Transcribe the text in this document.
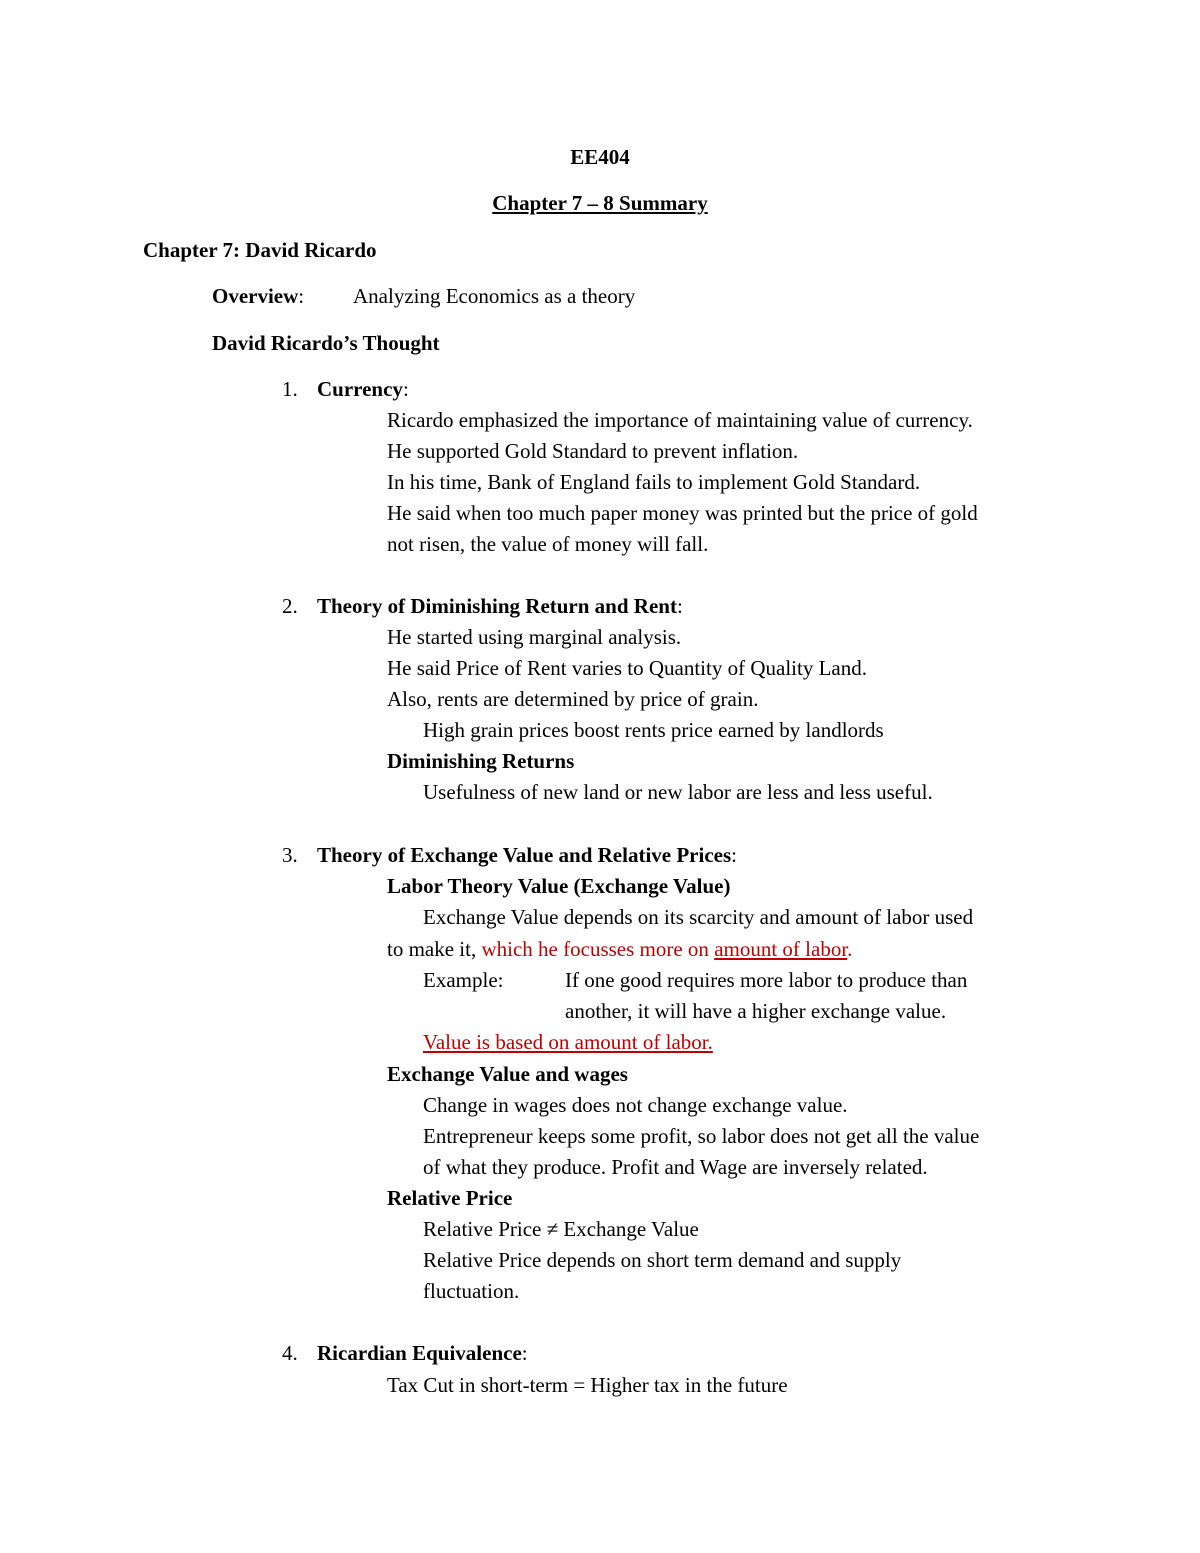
EE404
Chapter 7 – 8 Summary
Chapter 7: David Ricardo
Overview: Analyzing Economics as a theory
David Ricardo’s Thought
1. Currency:
Ricardo emphasized the importance of maintaining value of currency.
He supported Gold Standard to prevent inflation.
In his time, Bank of England fails to implement Gold Standard.
He said when too much paper money was printed but the price of gold
not risen, the value of money will fall.
2. Theory of Diminishing Return and Rent:
He started using marginal analysis.
He said Price of Rent varies to Quantity of Quality Land.
Also, rents are determined by price of grain.
High grain prices boost rents price earned by landlords
Diminishing Returns
Usefulness of new land or new labor are less and less useful.
3. Theory of Exchange Value and Relative Prices:
Labor Theory Value (Exchange Value)
Exchange Value depends on its scarcity and amount of labor used
to make it, which he focusses more on amount of labor.
Example:	If one good requires more labor to produce than
another, it will have a higher exchange value.
Value is based on amount of labor.
Exchange Value and wages
Change in wages does not change exchange value.
Entrepreneur keeps some profit, so labor does not get all the value
of what they produce. Profit and Wage are inversely related.
Relative Price
Relative Price ≠ Exchange Value
Relative Price depends on short term demand and supply
fluctuation.
4. Ricardian Equivalence:
Tax Cut in short-term = Higher tax in the future
